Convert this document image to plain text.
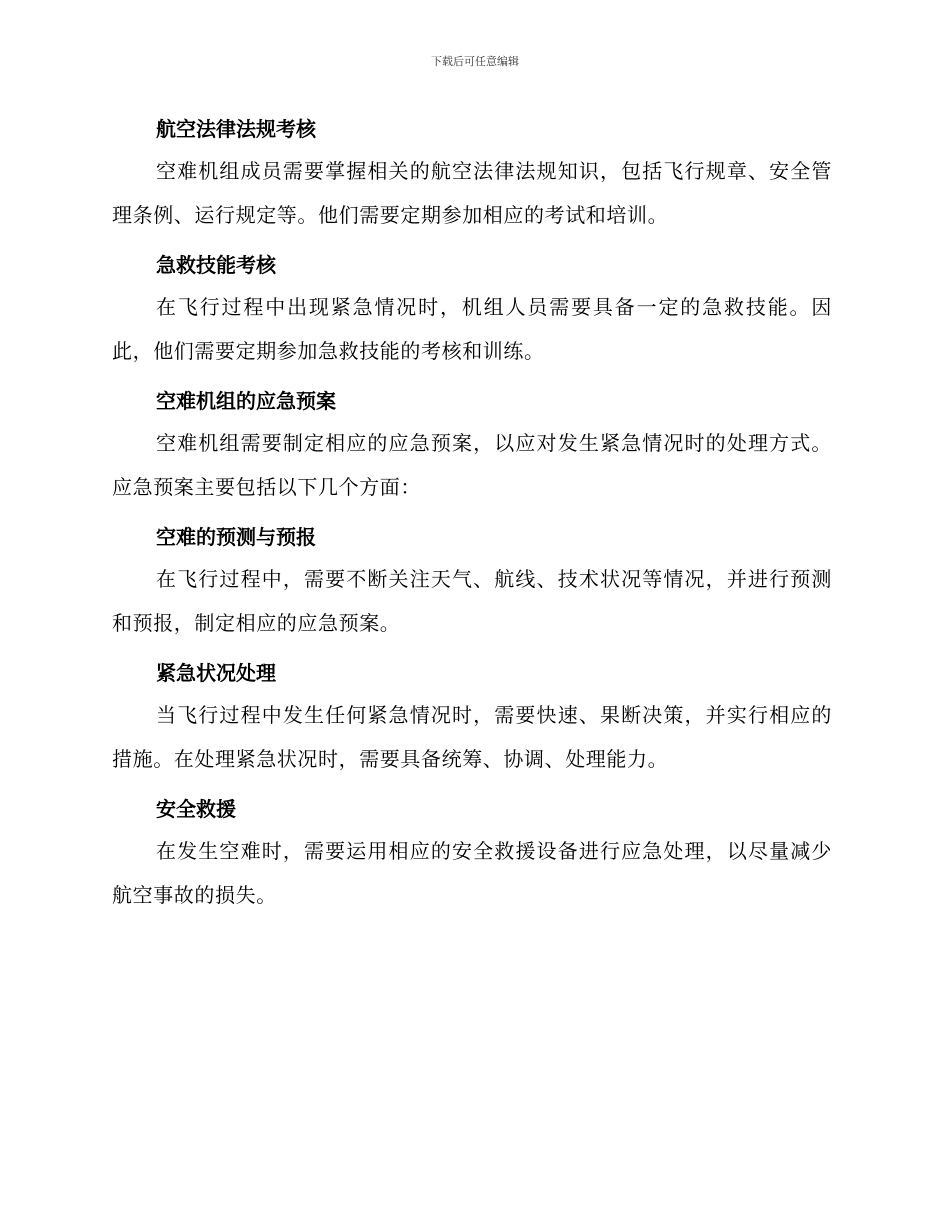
下载后可任意编辑

航空法律法规考核

空难机组成员需要掌握相关的航空法律法规知识，包括飞行规章、安全管理条例、运行规定等。他们需要定期参加相应的考试和培训。

急救技能考核

在飞行过程中出现紧急情况时，机组人员需要具备一定的急救技能。因此，他们需要定期参加急救技能的考核和训练。

空难机组的应急预案

空难机组需要制定相应的应急预案，以应对发生紧急情况时的处理方式。应急预案主要包括以下几个方面：

空难的预测与预报

在飞行过程中，需要不断关注天气、航线、技术状况等情况，并进行预测和预报，制定相应的应急预案。

紧急状况处理

当飞行过程中发生任何紧急情况时，需要快速、果断决策，并实行相应的措施。在处理紧急状况时，需要具备统筹、协调、处理能力。

安全救援

在发生空难时，需要运用相应的安全救援设备进行应急处理，以尽量减少航空事故的损失。
